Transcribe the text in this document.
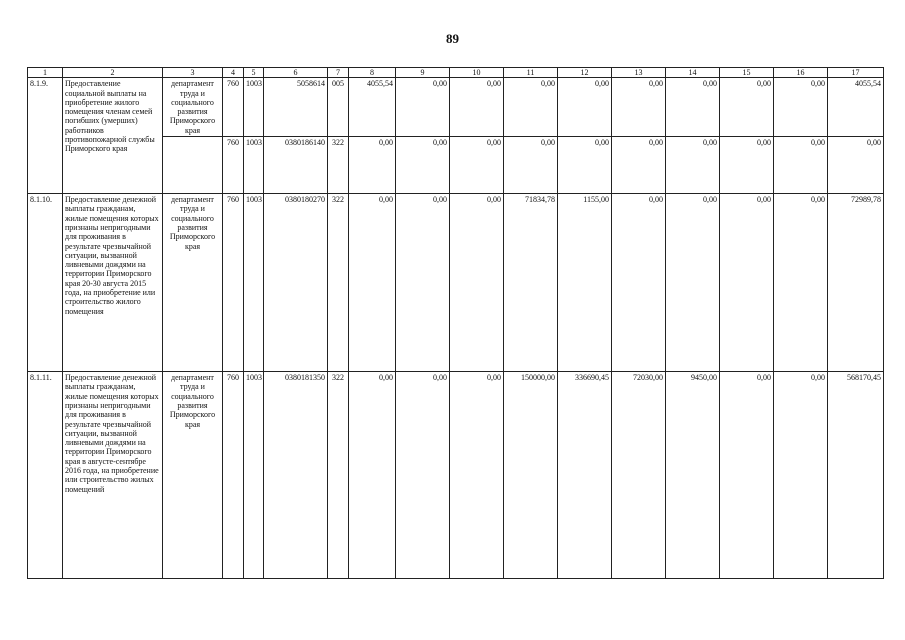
89
1	2	3	4	5	6	7	8	9	10	11	12	13	14	15	16	17
8.1.9.	Предоставление социальной выплаты на приобретение жилого помещения членам семей погибших (умерших) работников противопожарной службы Приморского края	департамент труда и социального развития Приморского края	760	1003	5058614	005	4055,54	0,00	0,00	0,00	0,00	0,00	0,00	0,00	0,00	4055,54
			760	1003	0380186140	322	0,00	0,00	0,00	0,00	0,00	0,00	0,00	0,00	0,00	0,00
8.1.10.	Предоставление денежной выплаты гражданам, жилые помещения которых признаны непригодными для проживания в результате чрезвычайной ситуации, вызванной ливневыми дождями на территории Приморского края 20-30 августа 2015 года, на приобретение или строительство жилого помещения	департамент труда и социального развития Приморского края	760	1003	0380180270	322	0,00	0,00	0,00	71834,78	1155,00	0,00	0,00	0,00	0,00	72989,78
8.1.11.	Предоставление денежной выплаты гражданам, жилые помещения которых признаны непригодными для проживания в результате чрезвычайной ситуации, вызванной ливневыми дождями на территории Приморского края в августе-сентябре 2016 года, на приобретение или строительство жилых помещений	департамент труда и социального развития Приморского края	760	1003	0380181350	322	0,00	0,00	0,00	150000,00	336690,45	72030,00	9450,00	0,00	0,00	568170,45
